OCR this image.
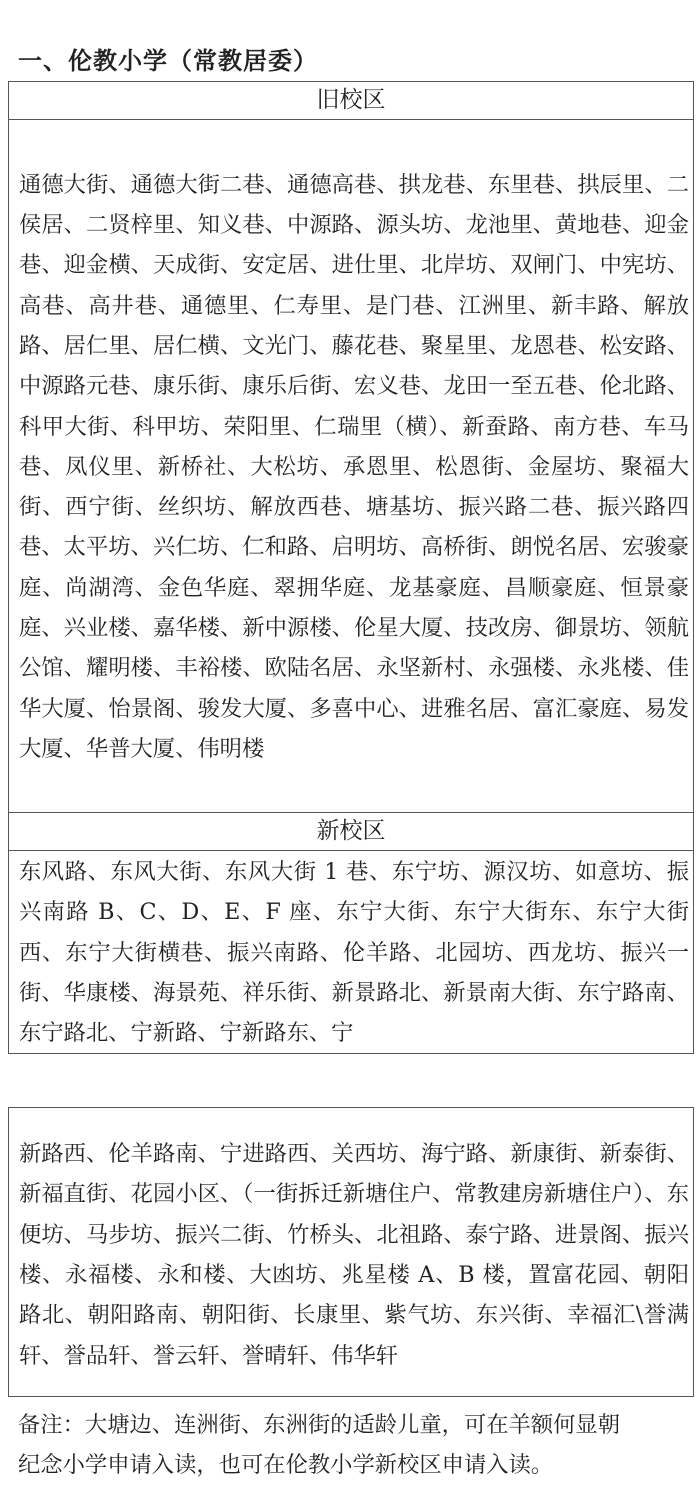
一、伦教小学（常教居委）
旧校区
通德大街、通德大街二巷、通德高巷、拱龙巷、东里巷、拱辰里、二侯居、二贤梓里、知义巷、中源路、源头坊、龙池里、黄地巷、迎金巷、迎金横、天成街、安定居、进仕里、北岸坊、双闸门、中宪坊、高巷、高井巷、通德里、仁寿里、是门巷、江洲里、新丰路、解放路、居仁里、居仁横、文光门、藤花巷、聚星里、龙恩巷、松安路、中源路元巷、康乐街、康乐后街、宏义巷、龙田一至五巷、伦北路、科甲大街、科甲坊、荣阳里、仁瑞里（横）、新蚕路、南方巷、车马巷、凤仪里、新桥社、大松坊、承恩里、松恩街、金屋坊、聚福大街、西宁街、丝织坊、解放西巷、塘基坊、振兴路二巷、振兴路四巷、太平坊、兴仁坊、仁和路、启明坊、高桥街、朗悦名居、宏骏豪庭、尚湖湾、金色华庭、翠拥华庭、龙基豪庭、昌顺豪庭、恒景豪庭、兴业楼、嘉华楼、新中源楼、伦星大厦、技改房、御景坊、领航公馆、耀明楼、丰裕楼、欧陆名居、永坚新村、永强楼、永兆楼、佳华大厦、怡景阁、骏发大厦、多喜中心、进雅名居、富汇豪庭、易发大厦、华普大厦、伟明楼
新校区
东风路、东风大街、东风大街 1 巷、东宁坊、源汉坊、如意坊、振兴南路 B、C、D、E、F 座、东宁大街、东宁大街东、东宁大街西、东宁大街横巷、振兴南路、伦羊路、北园坊、西龙坊、振兴一街、华康楼、海景苑、祥乐街、新景路北、新景南大街、东宁路南、东宁路北、宁新路、宁新路东、宁
新路西、伦羊路南、宁进路西、关西坊、海宁路、新康街、新泰街、新福直街、花园小区、（一街拆迁新塘住户、常教建房新塘住户）、东便坊、马步坊、振兴二街、竹桥头、北祖路、泰宁路、进景阁、振兴楼、永福楼、永和楼、大凼坊、兆星楼 A、B 楼，置富花园、朝阳路北、朝阳路南、朝阳街、长康里、紫气坊、东兴街、幸福汇\誉满轩、誉品轩、誉云轩、誉晴轩、伟华轩
备注：大塘边、连洲街、东洲街的适龄儿童，可在羊额何显朝
纪念小学申请入读，也可在伦教小学新校区申请入读。
